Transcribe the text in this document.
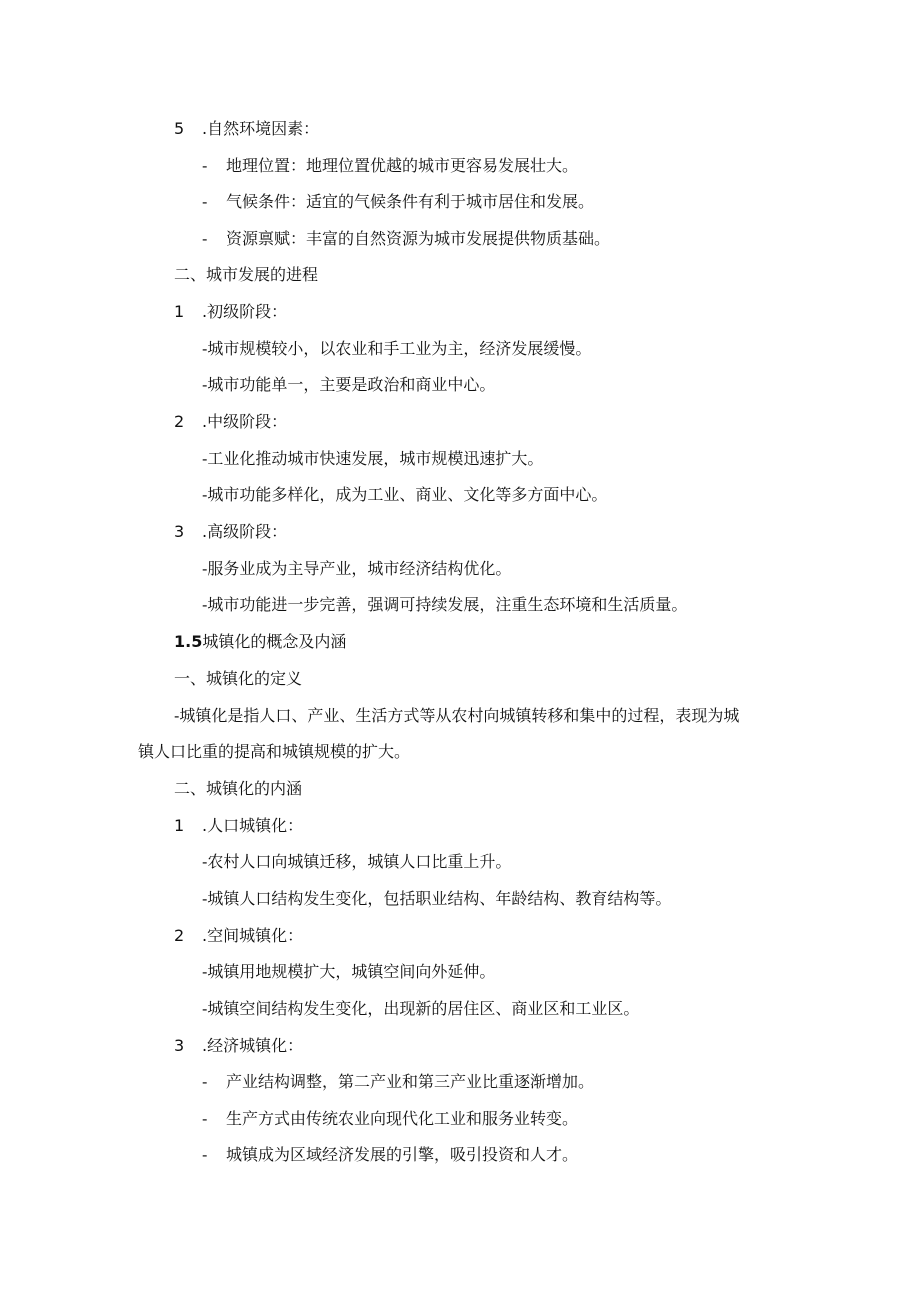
5 .自然环境因素：

- 地理位置：地理位置优越的城市更容易发展壮大。

- 气候条件：适宜的气候条件有利于城市居住和发展。

- 资源禀赋：丰富的自然资源为城市发展提供物质基础。

二、城市发展的进程

1 .初级阶段：

-城市规模较小，以农业和手工业为主，经济发展缓慢。

-城市功能单一，主要是政治和商业中心。

2 .中级阶段：

-工业化推动城市快速发展，城市规模迅速扩大。

-城市功能多样化，成为工业、商业、文化等多方面中心。

3 .高级阶段：

-服务业成为主导产业，城市经济结构优化。

-城市功能进一步完善，强调可持续发展，注重生态环境和生活质量。

1.5城镇化的概念及内涵

一、城镇化的定义

-城镇化是指人口、产业、生活方式等从农村向城镇转移和集中的过程，表现为城

镇人口比重的提高和城镇规模的扩大。

二、城镇化的内涵

1 .人口城镇化：

-农村人口向城镇迁移，城镇人口比重上升。

-城镇人口结构发生变化，包括职业结构、年龄结构、教育结构等。

2 .空间城镇化：

-城镇用地规模扩大，城镇空间向外延伸。

-城镇空间结构发生变化，出现新的居住区、商业区和工业区。

3 .经济城镇化：

- 产业结构调整，第二产业和第三产业比重逐渐增加。

- 生产方式由传统农业向现代化工业和服务业转变。

- 城镇成为区域经济发展的引擎，吸引投资和人才。
